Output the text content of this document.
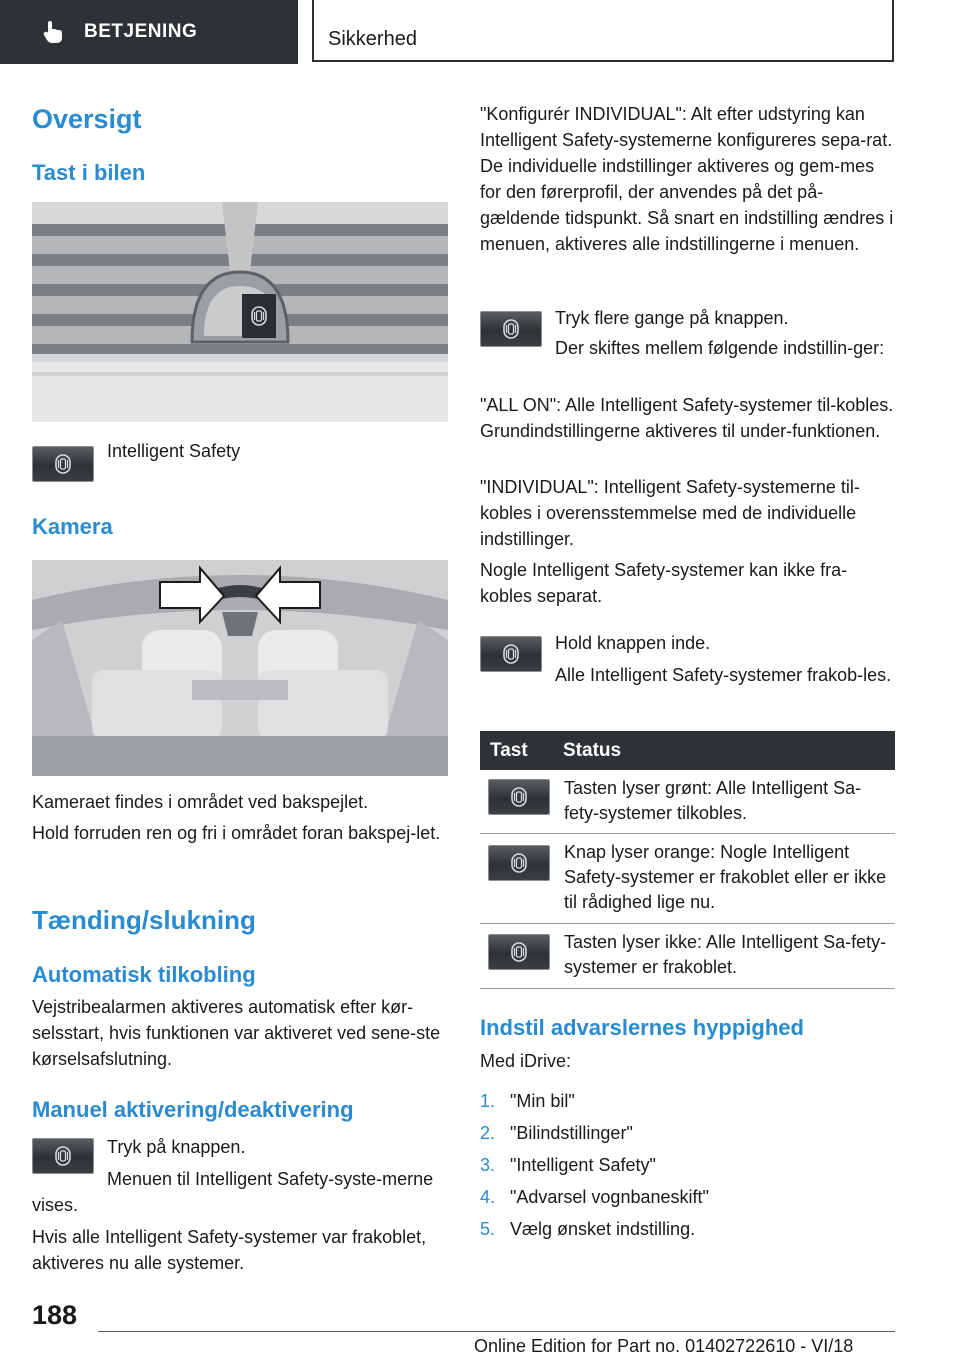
BETJENING	Sikkerhed
Oversigt
Tast i bilen

Intelligent Safety

Kamera

Kameraet findes i området ved bakspejlet.

Hold forruden ren og fri i området foran bakspej-let.

Tænding/slukning
Automatisk tilkobling

Vejstribealarmen aktiveres automatisk efter kør-selsstart, hvis funktionen var aktiveret ved sene-ste kørselsafslutning.

Manuel aktivering/deaktivering

Tryk på knappen.

Menuen til Intelligent Safety-syste-merne vises.

Hvis alle Intelligent Safety-systemer var frakoblet, aktiveres nu alle systemer.

"Konfigurér INDIVIDUAL": Alt efter udstyring kan Intelligent Safety-systemerne konfigureres sepa-rat. De individuelle indstillinger aktiveres og gem-mes for den førerprofil, der anvendes på det på-gældende tidspunkt. Så snart en indstilling ændres i menuen, aktiveres alle indstillingerne i menuen.

Tryk flere gange på knappen.

Der skiftes mellem følgende indstillin-ger:

"ALL ON": Alle Intelligent Safety-systemer til-kobles. Grundindstillingerne aktiveres til under-funktionen.

"INDIVIDUAL": Intelligent Safety-systemerne til-kobles i overensstemmelse med de individuelle indstillinger.

Nogle Intelligent Safety-systemer kan ikke fra-kobles separat.

Hold knappen inde.

Alle Intelligent Safety-systemer frakob-les.

Tast	Status
Tasten lyser grønt: Alle Intelligent Sa-fety-systemer tilkobles.
Knap lyser orange: Nogle Intelligent Safety-systemer er frakoblet eller er ikke til rådighed lige nu.
Tasten lyser ikke: Alle Intelligent Sa-fety-systemer er frakoblet.
Indstil advarslernes hyppighed

Med iDrive:

1. "Min bil"
2. "Bilindstillinger"
3. "Intelligent Safety"
4. "Advarsel vognbaneskift"
5. Vælg ønsket indstilling.
188
Online Edition for Part no. 01402722610 - VI/18
